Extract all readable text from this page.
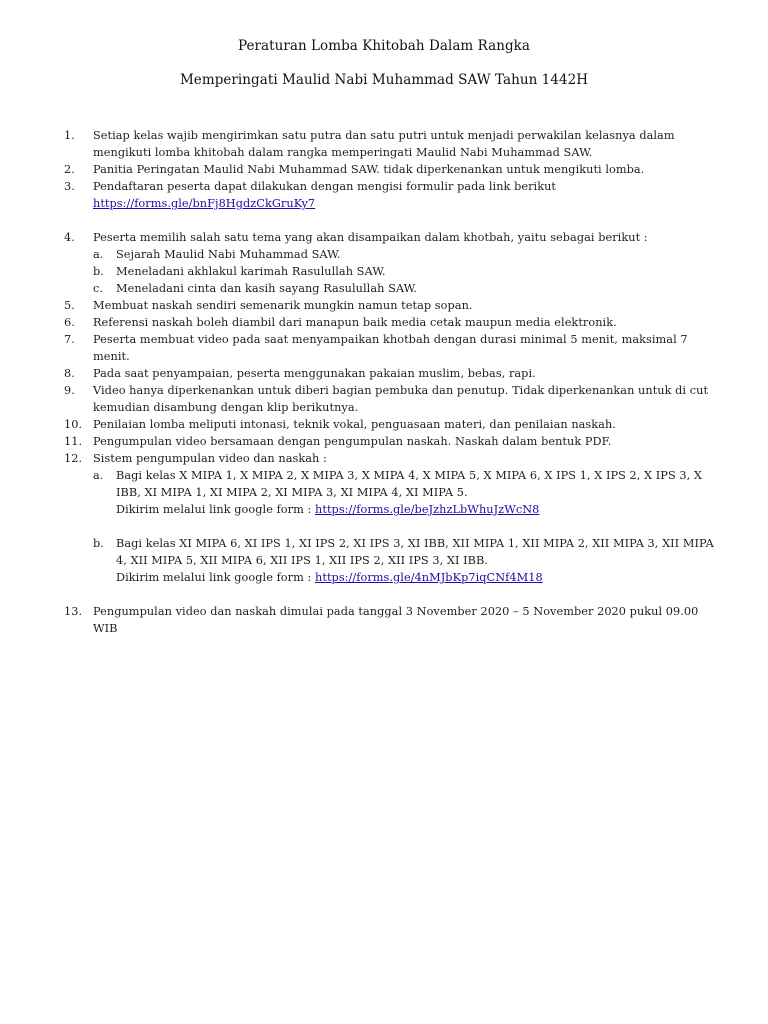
Peraturan Lomba Khitobah Dalam Rangka
Memperingati Maulid Nabi Muhammad SAW Tahun 1442H
1. Setiap kelas wajib mengirimkan satu putra dan satu putri untuk menjadi perwakilan kelasnya dalam mengikuti lomba khitobah dalam rangka memperingati Maulid Nabi Muhammad SAW.
2. Panitia Peringatan Maulid Nabi Muhammad SAW. tidak diperkenankan untuk mengikuti lomba.
3. Pendaftaran peserta dapat dilakukan dengan mengisi formulir pada link berikut
https://forms.gle/bnFj8HgdzCkGruKy7
4. Peserta memilih salah satu tema yang akan disampaikan dalam khotbah, yaitu sebagai berikut :
a. Sejarah Maulid Nabi Muhammad SAW.
b. Meneladani akhlakul karimah Rasulullah SAW.
c. Meneladani cinta dan kasih sayang Rasulullah SAW.
5. Membuat naskah sendiri semenarik mungkin namun tetap sopan.
6. Referensi naskah boleh diambil dari manapun baik media cetak maupun media elektronik.
7. Peserta membuat video pada saat menyampaikan khotbah dengan durasi minimal 5 menit, maksimal 7 menit.
8. Pada saat penyampaian, peserta menggunakan pakaian muslim, bebas, rapi.
9. Video hanya diperkenankan untuk diberi bagian pembuka dan penutup. Tidak diperkenankan untuk di cut kemudian disambung dengan klip berikutnya.
10. Penilaian lomba meliputi intonasi, teknik vokal, penguasaan materi, dan penilaian naskah.
11. Pengumpulan video bersamaan dengan pengumpulan naskah. Naskah dalam bentuk PDF.
12. Sistem pengumpulan video dan naskah :
a. Bagi kelas X MIPA 1, X MIPA 2, X MIPA 3, X MIPA 4, X MIPA 5, X MIPA 6, X IPS 1, X IPS 2, X IPS 3, X IBB, XI MIPA 1, XI MIPA 2, XI MIPA 3, XI MIPA 4, XI MIPA 5.
Dikirim melalui link google form : https://forms.gle/beJzhzLbWhuJzWcN8
b. Bagi kelas XI MIPA 6, XI IPS 1, XI IPS 2, XI IPS 3, XI IBB, XII MIPA 1, XII MIPA 2, XII MIPA 3, XII MIPA 4, XII MIPA 5, XII MIPA 6, XII IPS 1, XII IPS 2, XII IPS 3, XI IBB.
Dikirim melalui link google form : https://forms.gle/4nMJbKp7iqCNf4M18
13. Pengumpulan video dan naskah dimulai pada tanggal 3 November 2020 – 5 November 2020 pukul 09.00 WIB
